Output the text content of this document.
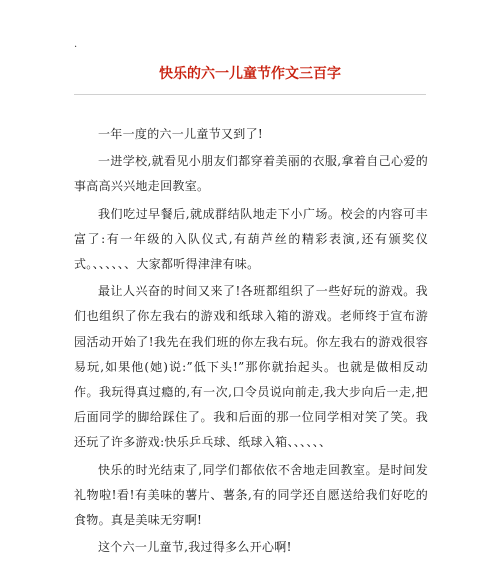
.
快乐的六一儿童节作文三百字

一年一度的六一儿童节又到了!

一进学校,就看见小朋友们都穿着美丽的衣服,拿着自己心爱的事高高兴兴地走回教室。

我们吃过早餐后,就成群结队地走下小广场。校会的内容可丰富了:有一年级的入队仪式,有葫芦丝的精彩表演,还有颁奖仪式。、、、、、、大家都听得津津有味。

最让人兴奋的时间又来了!各班都组织了一些好玩的游戏。我们也组织了你左我右的游戏和纸球入箱的游戏。老师终于宣布游园活动开始了!我先在我们班的你左我右玩。你左我右的游戏很容易玩,如果他(她)说:”低下头!”那你就抬起头。也就是做相反动作。我玩得真过瘾的,有一次,口令员说向前走,我大步向后一走,把后面同学的脚给踩住了。我和后面的那一位同学相对笑了笑。我还玩了许多游戏:快乐乒乓球、纸球入箱、、、、、、

快乐的时光结束了,同学们都依依不舍地走回教室。是时间发礼物啦!看!有美味的薯片、薯条,有的同学还自愿送给我们好吃的食物。真是美味无穷啊!

这个六一儿童节,我过得多么开心啊!
